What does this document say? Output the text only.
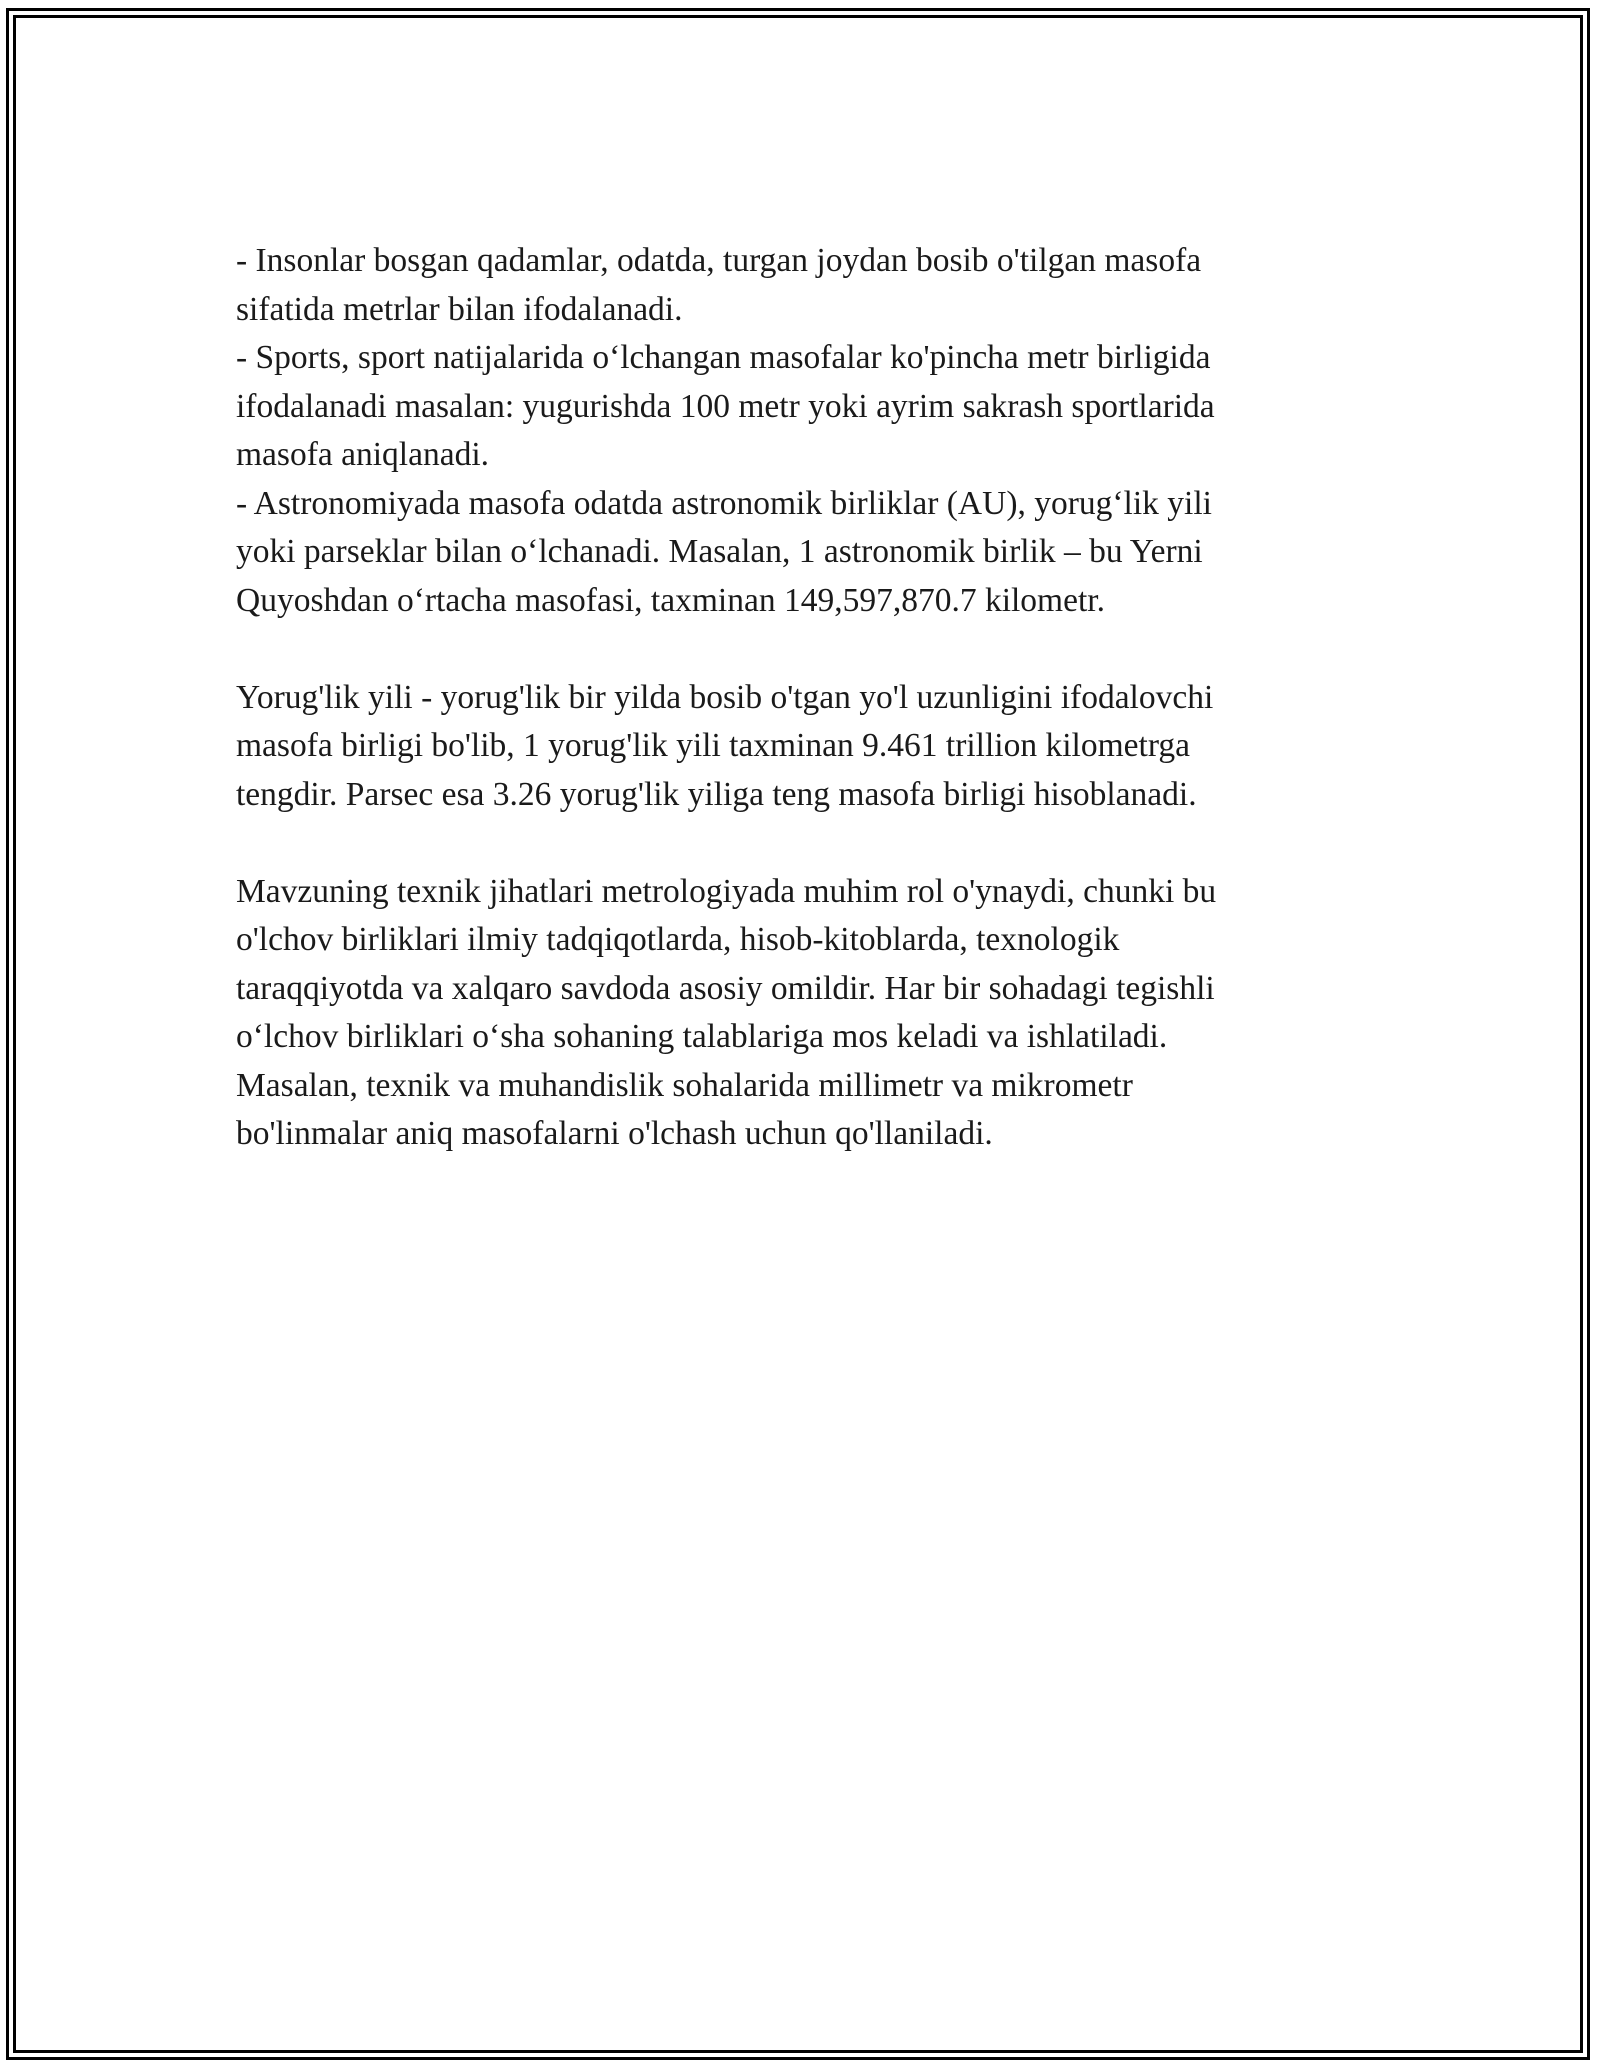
- Insonlar bosgan qadamlar, odatda, turgan joydan bosib o'tilgan masofa
sifatida metrlar bilan ifodalanadi.
- Sports, sport natijalarida o‘lchangan masofalar ko'pincha metr birligida
ifodalanadi masalan: yugurishda 100 metr yoki ayrim sakrash sportlarida
masofa aniqlanadi.
- Astronomiyada masofa odatda astronomik birliklar (AU), yorug‘lik yili
yoki parseklar bilan o‘lchanadi. Masalan, 1 astronomik birlik – bu Yerni
Quyoshdan o‘rtacha masofasi, taxminan 149,597,870.7 kilometr.
Yorug'lik yili - yorug'lik bir yilda bosib o'tgan yo'l uzunligini ifodalovchi
masofa birligi bo'lib, 1 yorug'lik yili taxminan 9.461 trillion kilometrga
tengdir. Parsec esa 3.26 yorug'lik yiliga teng masofa birligi hisoblanadi.
Mavzuning texnik jihatlari metrologiyada muhim rol o'ynaydi, chunki bu
o'lchov birliklari ilmiy tadqiqotlarda, hisob-kitoblarda, texnologik
taraqqiyotda va xalqaro savdoda asosiy omildir. Har bir sohadagi tegishli
o‘lchov birliklari o‘sha sohaning talablariga mos keladi va ishlatiladi.
Masalan, texnik va muhandislik sohalarida millimetr va mikrometr
bo'linmalar aniq masofalarni o'lchash uchun qo'llaniladi.
